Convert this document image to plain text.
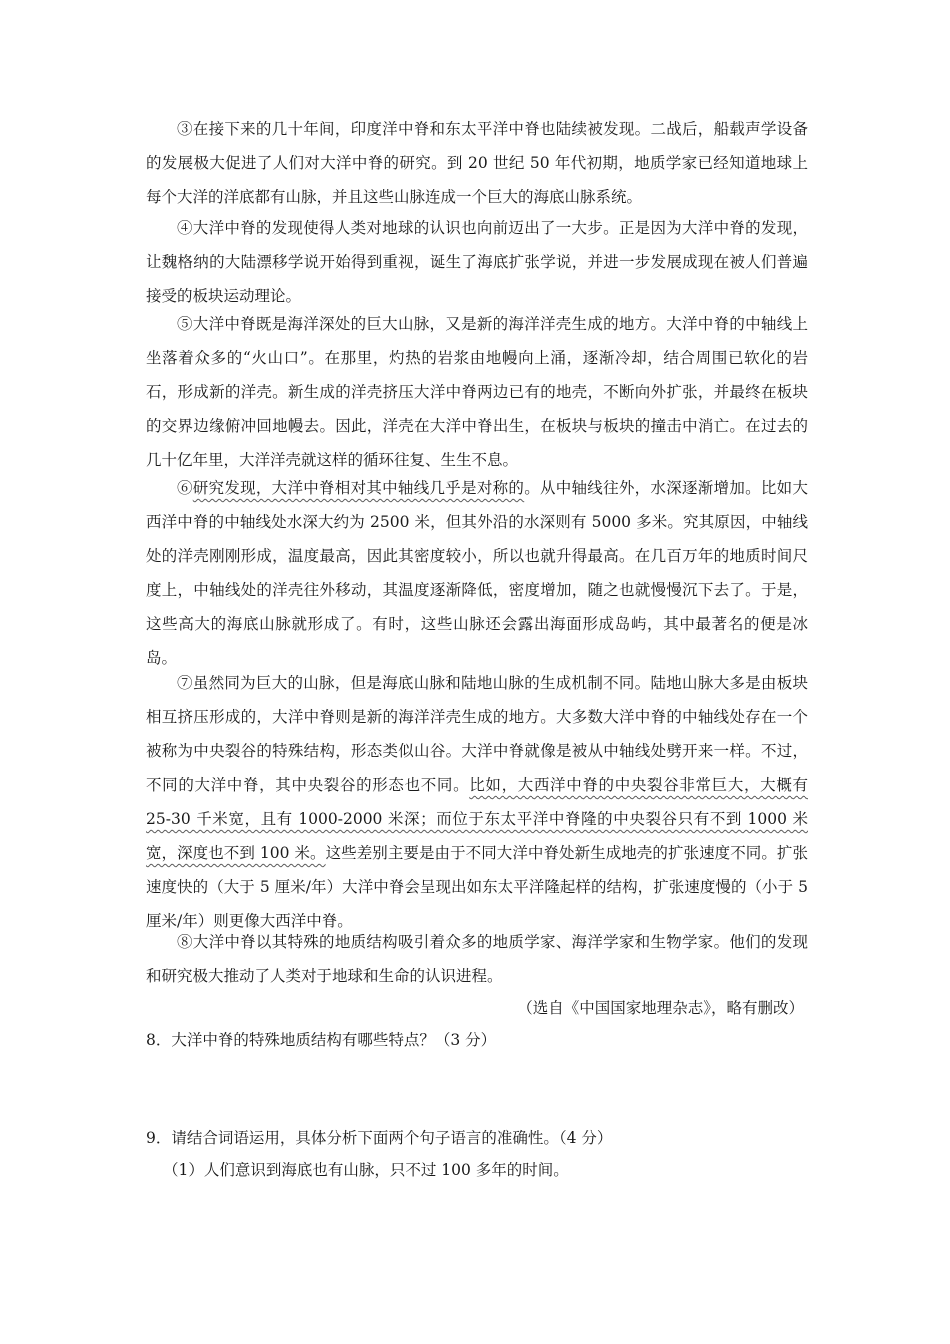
③在接下来的几十年间，印度洋中脊和东太平洋中脊也陆续被发现。二战后，船载声学设备的发展极大促进了人们对大洋中脊的研究。到 20 世纪 50 年代初期，地质学家已经知道地球上每个大洋的洋底都有山脉，并且这些山脉连成一个巨大的海底山脉系统。

④大洋中脊的发现使得人类对地球的认识也向前迈出了一大步。正是因为大洋中脊的发现，让魏格纳的大陆漂移学说开始得到重视，诞生了海底扩张学说，并进一步发展成现在被人们普遍接受的板块运动理论。

⑤大洋中脊既是海洋深处的巨大山脉，又是新的海洋洋壳生成的地方。大洋中脊的中轴线上坐落着众多的“火山口”。在那里，灼热的岩浆由地幔向上涌，逐渐冷却，结合周围已软化的岩石，形成新的洋壳。新生成的洋壳挤压大洋中脊两边已有的地壳，不断向外扩张，并最终在板块的交界边缘俯冲回地幔去。因此，洋壳在大洋中脊出生，在板块与板块的撞击中消亡。在过去的几十亿年里，大洋洋壳就这样的循环往复、生生不息。

⑥研究发现，大洋中脊相对其中轴线几乎是对称的。从中轴线往外，水深逐渐增加。比如大西洋中脊的中轴线处水深大约为 2500 米，但其外沿的水深则有 5000 多米。究其原因，中轴线处的洋壳刚刚形成，温度最高，因此其密度较小，所以也就升得最高。在几百万年的地质时间尺度上，中轴线处的洋壳往外移动，其温度逐渐降低，密度增加，随之也就慢慢沉下去了。于是，这些高大的海底山脉就形成了。有时，这些山脉还会露出海面形成岛屿，其中最著名的便是冰岛。

⑦虽然同为巨大的山脉，但是海底山脉和陆地山脉的生成机制不同。陆地山脉大多是由板块相互挤压形成的，大洋中脊则是新的海洋洋壳生成的地方。大多数大洋中脊的中轴线处存在一个被称为中央裂谷的特殊结构，形态类似山谷。大洋中脊就像是被从中轴线处劈开来一样。不过，不同的大洋中脊，其中央裂谷的形态也不同。比如，大西洋中脊的中央裂谷非常巨大，大概有 25-30 千米宽，且有 1000-2000 米深；而位于东太平洋中脊隆的中央裂谷只有不到 1000 米宽，深度也不到 100 米。这些差别主要是由于不同大洋中脊处新生成地壳的扩张速度不同。扩张速度快的（大于 5 厘米/年）大洋中脊会呈现出如东太平洋隆起样的结构，扩张速度慢的（小于 5 厘米/年）则更像大西洋中脊。

⑧大洋中脊以其特殊的地质结构吸引着众多的地质学家、海洋学家和生物学家。他们的发现和研究极大推动了人类对于地球和生命的认识进程。

（选自《中国国家地理杂志》，略有删改）

8．大洋中脊的特殊地质结构有哪些特点？（3 分）

9．请结合词语运用，具体分析下面两个句子语言的准确性。（4 分）

（1）人们意识到海底也有山脉，只不过 100 多年的时间。
